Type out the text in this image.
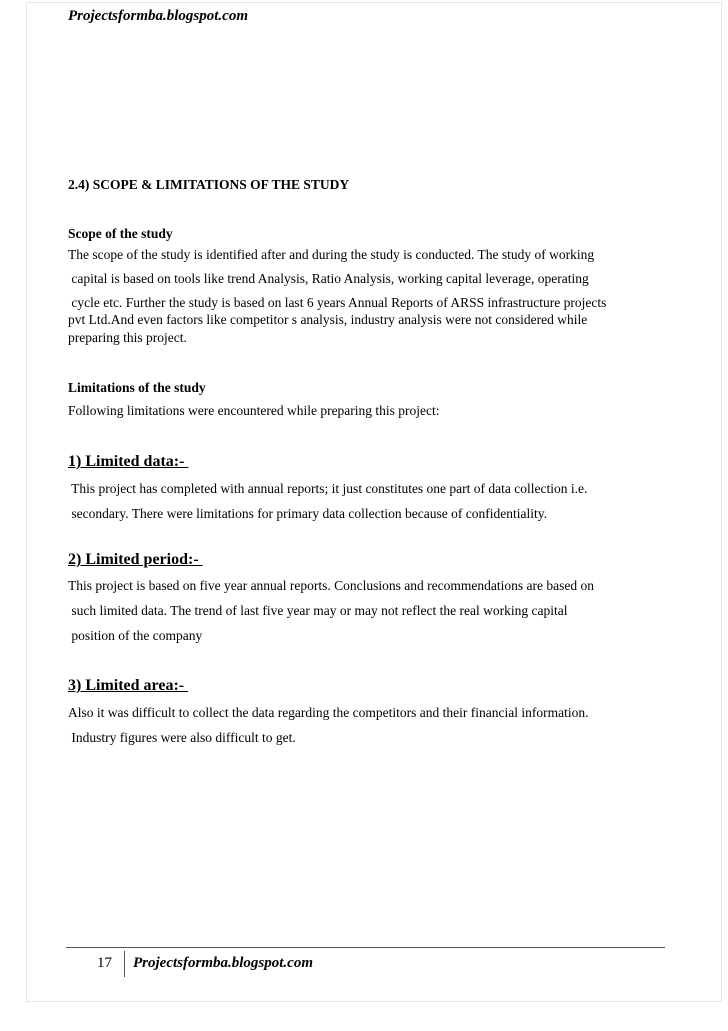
Projectsformba.blogspot.com
2.4) SCOPE & LIMITATIONS OF THE STUDY
Scope of the study
The scope of the study is identified after and during the study is conducted. The study of working
capital is based on tools like trend Analysis, Ratio Analysis, working capital leverage, operating
cycle etc. Further the study is based on last 6 years Annual Reports of ARSS infrastructure projects
pvt Ltd.And even factors like competitor s analysis, industry analysis were not considered while
preparing this project.
Limitations of the study
Following limitations were encountered while preparing this project:
1) Limited data:-
This project has completed with annual reports; it just constitutes one part of data collection i.e.
secondary. There were limitations for primary data collection because of confidentiality.
2) Limited period:-
This project is based on five year annual reports. Conclusions and recommendations are based on
such limited data. The trend of last five year may or may not reflect the real working capital
position of the company
3) Limited area:-
Also it was difficult to collect the data regarding the competitors and their financial information.
Industry figures were also difficult to get.
17 Projectsformba.blogspot.com
